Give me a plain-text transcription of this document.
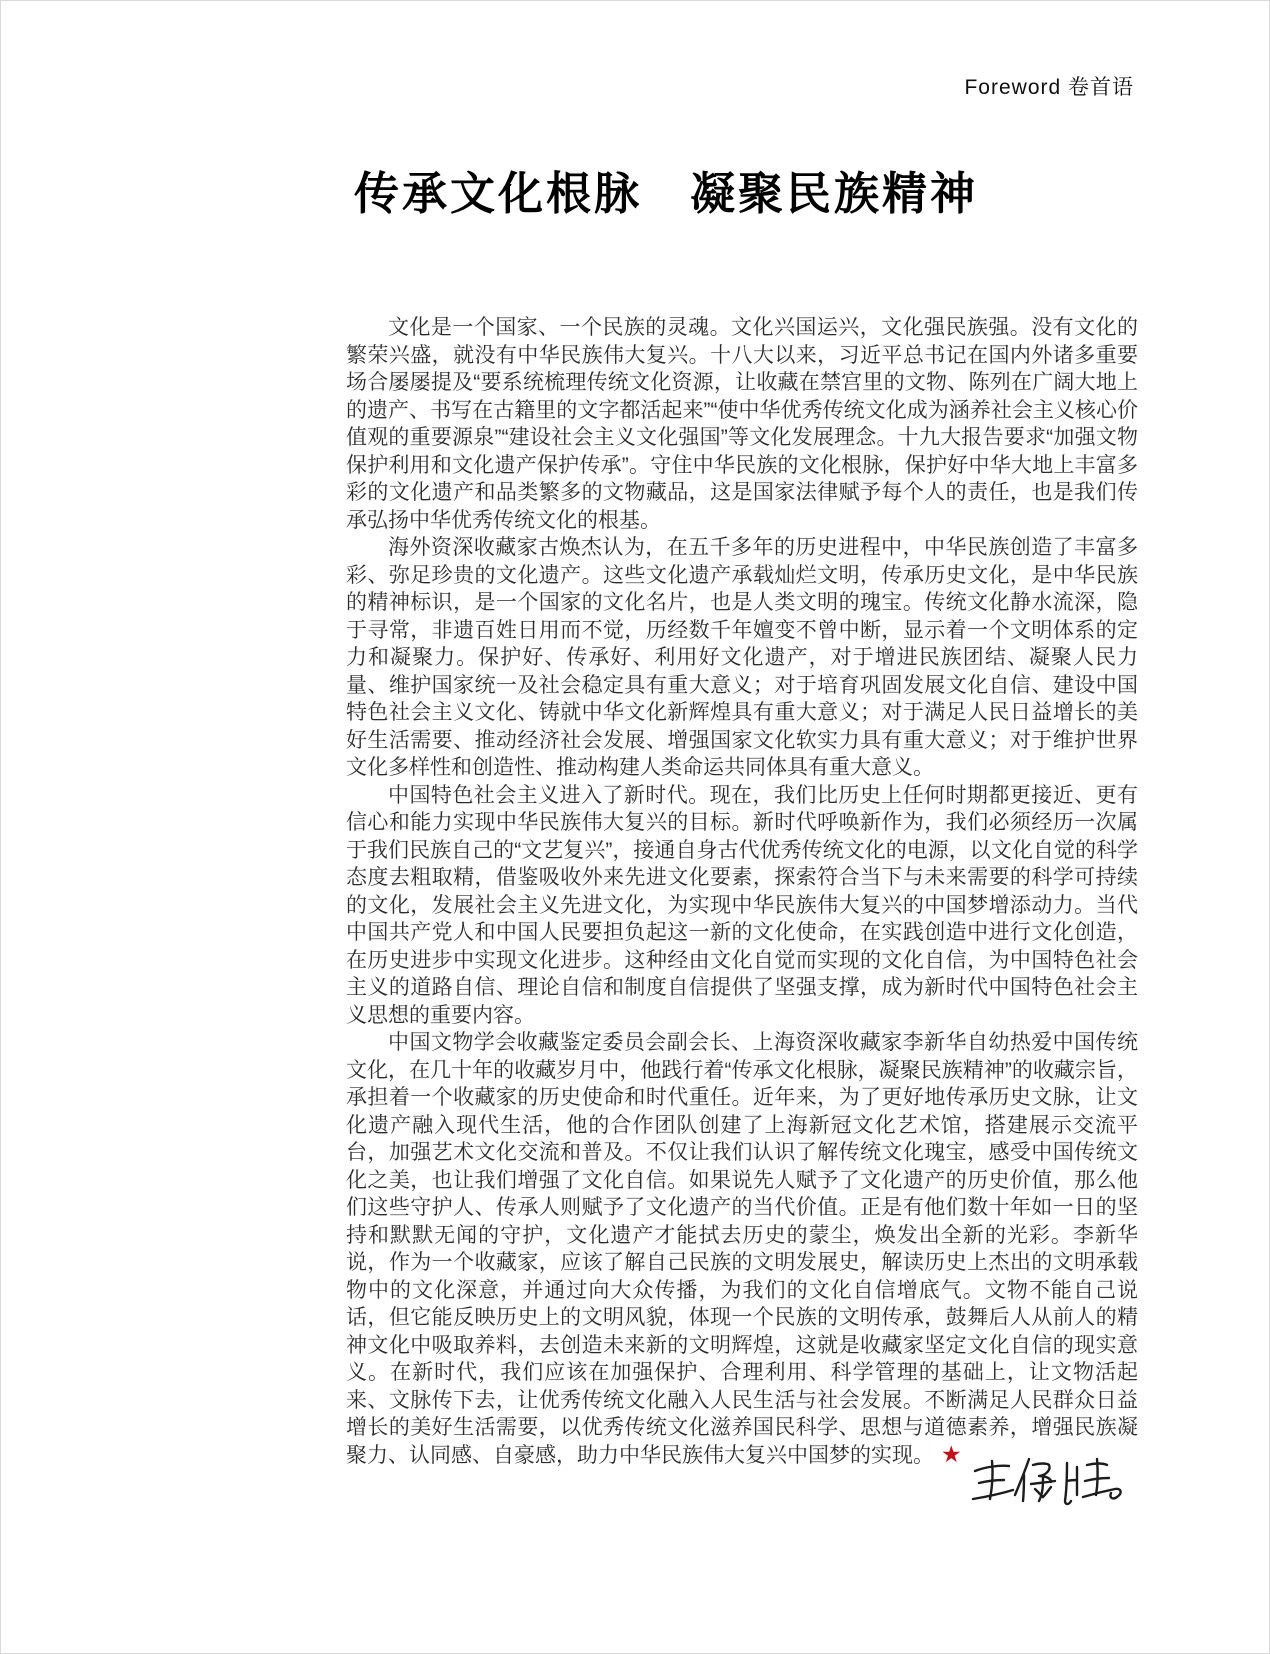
Foreword 卷首语
传承文化根脉　凝聚民族精神

文化是一个国家、一个民族的灵魂。文化兴国运兴，文化强民族强。没有文化的繁荣兴盛，就没有中华民族伟大复兴。十八大以来，习近平总书记在国内外诸多重要场合屡屡提及“要系统梳理传统文化资源，让收藏在禁宫里的文物、陈列在广阔大地上的遗产、书写在古籍里的文字都活起来”“使中华优秀传统文化成为涵养社会主义核心价值观的重要源泉”“建设社会主义文化强国”等文化发展理念。十九大报告要求“加强文物保护利用和文化遗产保护传承”。守住中华民族的文化根脉，保护好中华大地上丰富多彩的文化遗产和品类繁多的文物藏品，这是国家法律赋予每个人的责任，也是我们传承弘扬中华优秀传统文化的根基。

海外资深收藏家古焕杰认为，在五千多年的历史进程中，中华民族创造了丰富多彩、弥足珍贵的文化遗产。这些文化遗产承载灿烂文明，传承历史文化，是中华民族的精神标识，是一个国家的文化名片，也是人类文明的瑰宝。传统文化静水流深，隐于寻常，非遗百姓日用而不觉，历经数千年嬗变不曾中断，显示着一个文明体系的定力和凝聚力。保护好、传承好、利用好文化遗产，对于增进民族团结、凝聚人民力量、维护国家统一及社会稳定具有重大意义；对于培育巩固发展文化自信、建设中国特色社会主义文化、铸就中华文化新辉煌具有重大意义；对于满足人民日益增长的美好生活需要、推动经济社会发展、增强国家文化软实力具有重大意义；对于维护世界文化多样性和创造性、推动构建人类命运共同体具有重大意义。

中国特色社会主义进入了新时代。现在，我们比历史上任何时期都更接近、更有信心和能力实现中华民族伟大复兴的目标。新时代呼唤新作为，我们必须经历一次属于我们民族自己的“文艺复兴”，接通自身古代优秀传统文化的电源，以文化自觉的科学态度去粗取精，借鉴吸收外来先进文化要素，探索符合当下与未来需要的科学可持续的文化，发展社会主义先进文化，为实现中华民族伟大复兴的中国梦增添动力。当代中国共产党人和中国人民要担负起这一新的文化使命，在实践创造中进行文化创造，在历史进步中实现文化进步。这种经由文化自觉而实现的文化自信，为中国特色社会主义的道路自信、理论自信和制度自信提供了坚强支撑，成为新时代中国特色社会主义思想的重要内容。

中国文物学会收藏鉴定委员会副会长、上海资深收藏家李新华自幼热爱中国传统文化，在几十年的收藏岁月中，他践行着“传承文化根脉，凝聚民族精神”的收藏宗旨，承担着一个收藏家的历史使命和时代重任。近年来，为了更好地传承历史文脉，让文化遗产融入现代生活，他的合作团队创建了上海新冠文化艺术馆，搭建展示交流平台，加强艺术文化交流和普及。不仅让我们认识了解传统文化瑰宝，感受中国传统文化之美，也让我们增强了文化自信。如果说先人赋予了文化遗产的历史价值，那么他们这些守护人、传承人则赋予了文化遗产的当代价值。正是有他们数十年如一日的坚持和默默无闻的守护，文化遗产才能拭去历史的蒙尘，焕发出全新的光彩。李新华说，作为一个收藏家，应该了解自己民族的文明发展史，解读历史上杰出的文明承载物中的文化深意，并通过向大众传播，为我们的文化自信增底气。文物不能自己说话，但它能反映历史上的文明风貌，体现一个民族的文明传承，鼓舞后人从前人的精神文化中吸取养料，去创造未来新的文明辉煌，这就是收藏家坚定文化自信的现实意义。在新时代，我们应该在加强保护、合理利用、科学管理的基础上，让文物活起来、文脉传下去，让优秀传统文化融入人民生活与社会发展。不断满足人民群众日益增长的美好生活需要，以优秀传统文化滋养国民科学、思想与道德素养，增强民族凝聚力、认同感、自豪感，助力中华民族伟大复兴中国梦的实现。 ★
